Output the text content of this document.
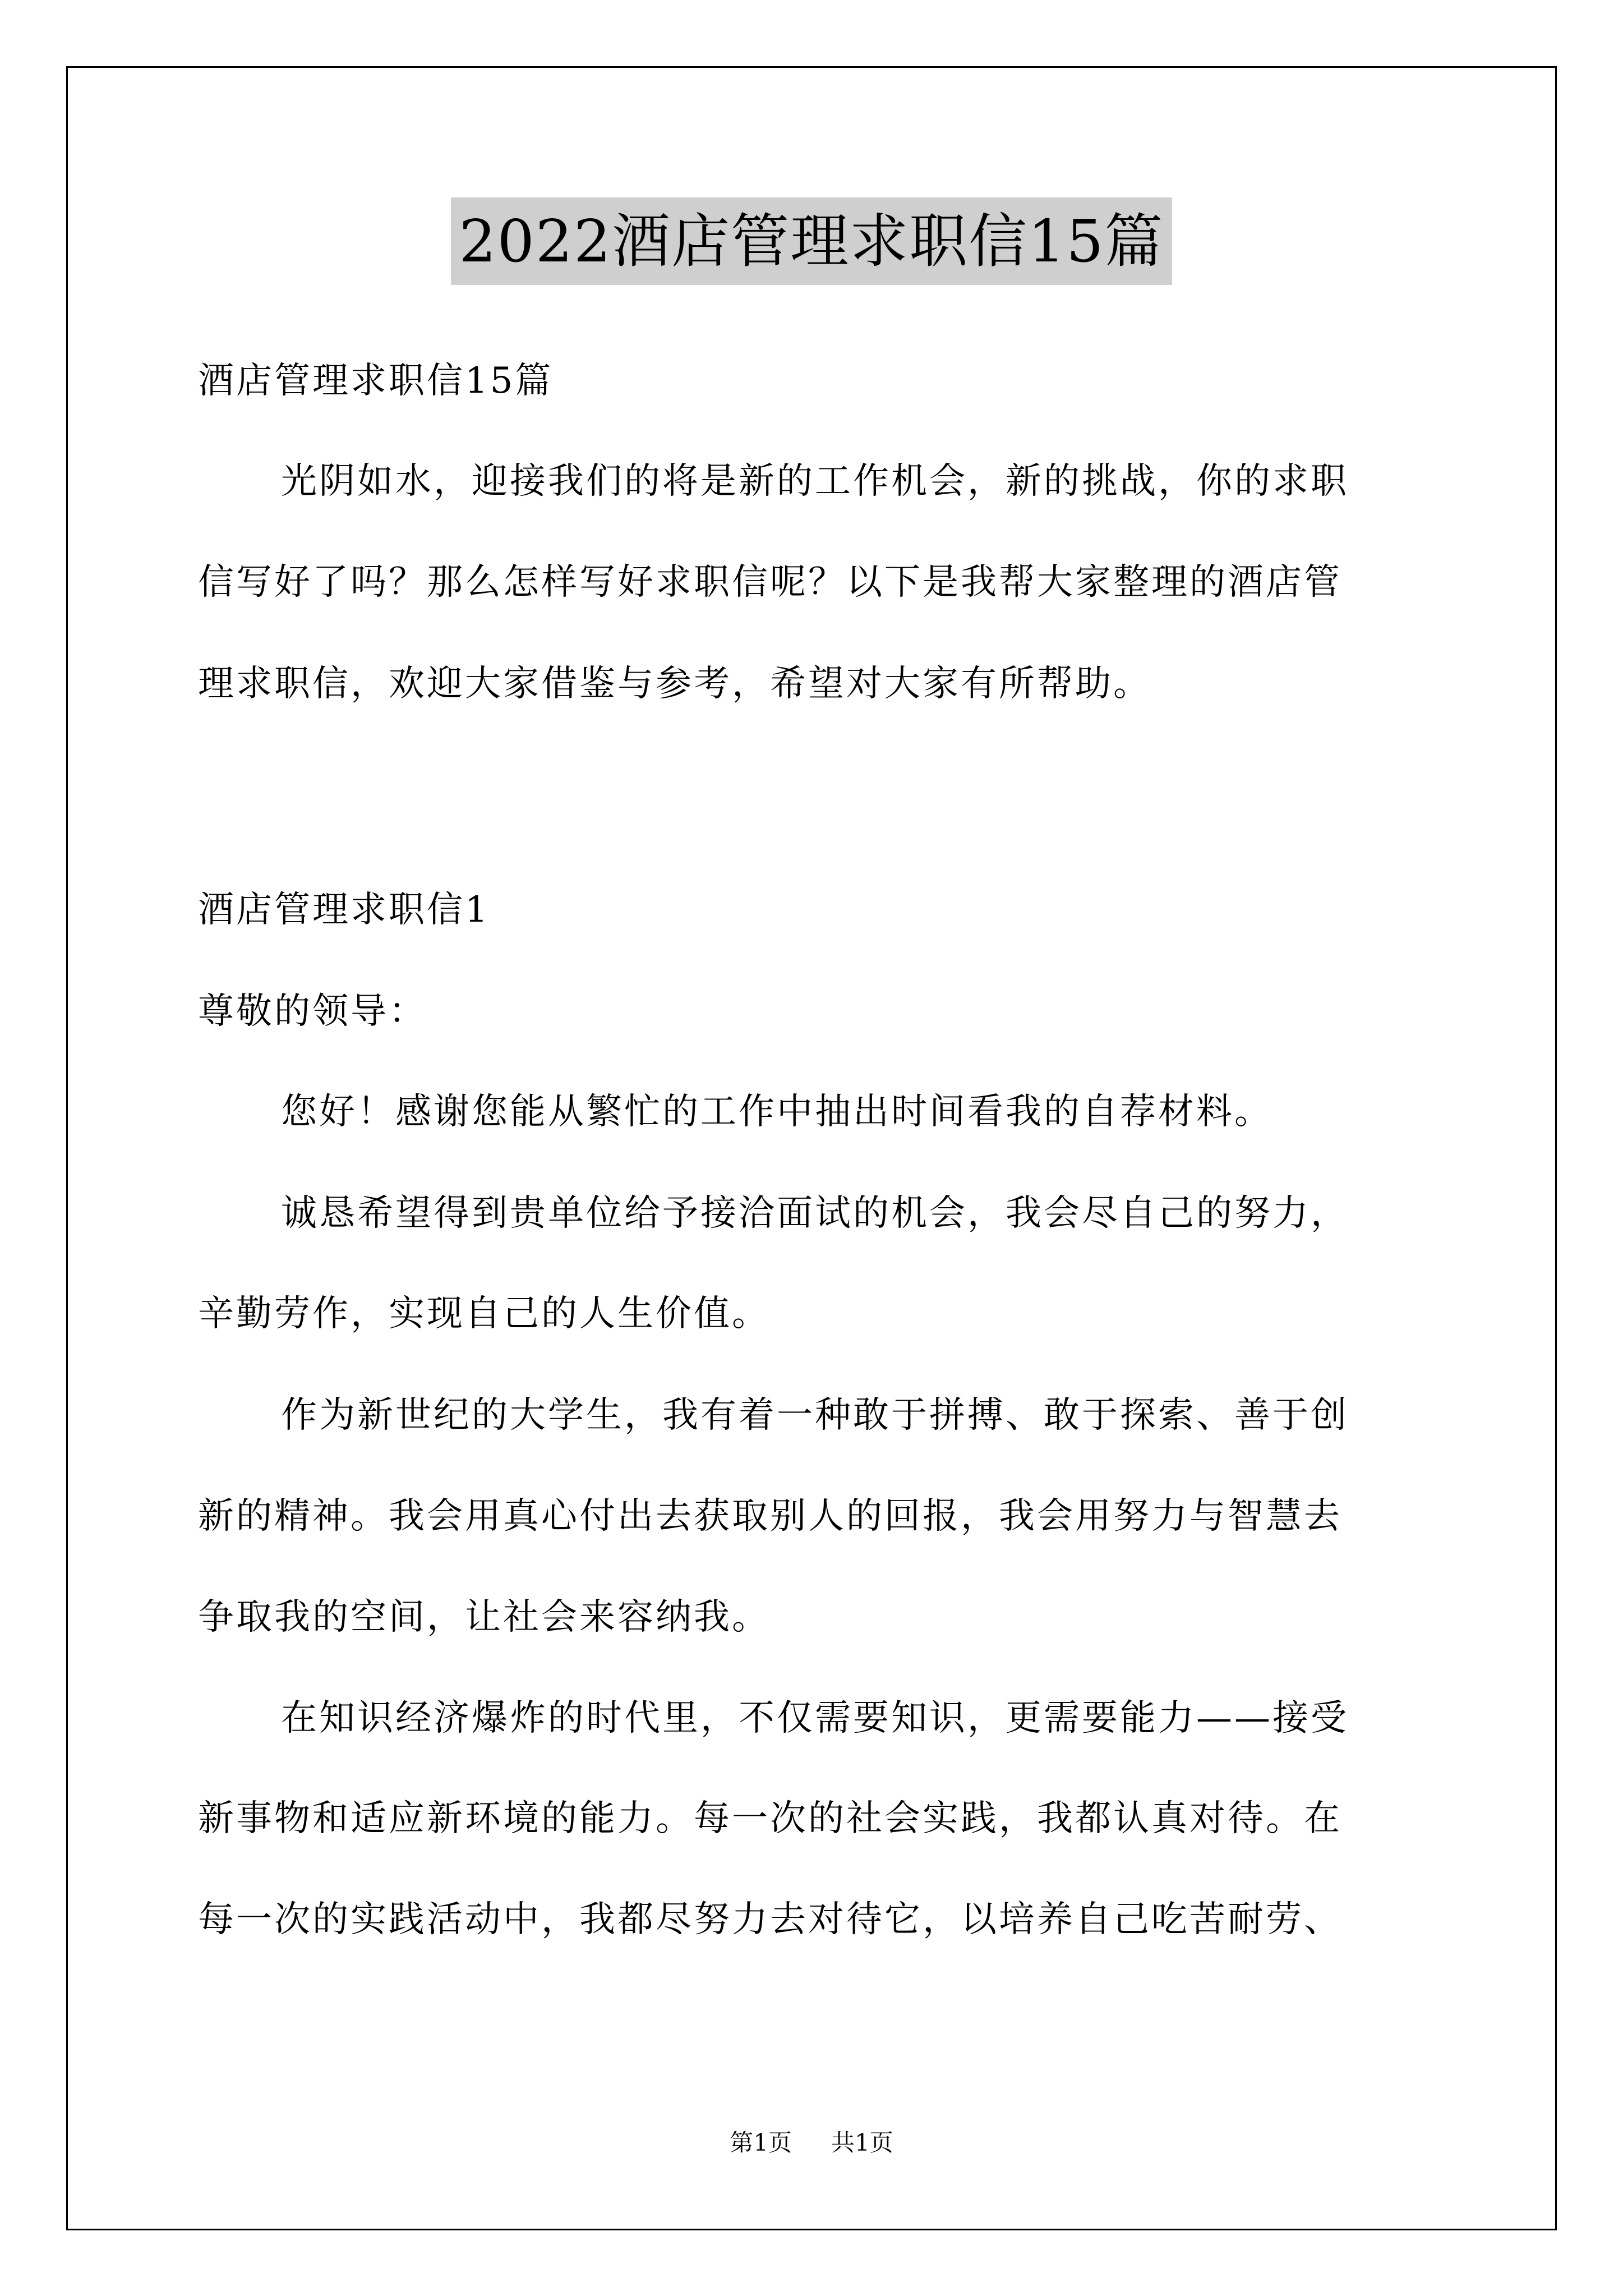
2022酒店管理求职信15篇
酒店管理求职信15篇
光阴如水，迎接我们的将是新的工作机会，新的挑战，你的求职
信写好了吗？那么怎样写好求职信呢？以下是我帮大家整理的酒店管
理求职信，欢迎大家借鉴与参考，希望对大家有所帮助。
酒店管理求职信1
尊敬的领导：
您好！感谢您能从繁忙的工作中抽出时间看我的自荐材料。
诚恳希望得到贵单位给予接洽面试的机会，我会尽自己的努力，
辛勤劳作，实现自己的人生价值。
作为新世纪的大学生，我有着一种敢于拼搏、敢于探索、善于创
新的精神。我会用真心付出去获取别人的回报，我会用努力与智慧去
争取我的空间，让社会来容纳我。
在知识经济爆炸的时代里，不仅需要知识，更需要能力——接受
新事物和适应新环境的能力。每一次的社会实践，我都认真对待。在
每一次的实践活动中，我都尽努力去对待它，以培养自己吃苦耐劳、
第1页 共1页
